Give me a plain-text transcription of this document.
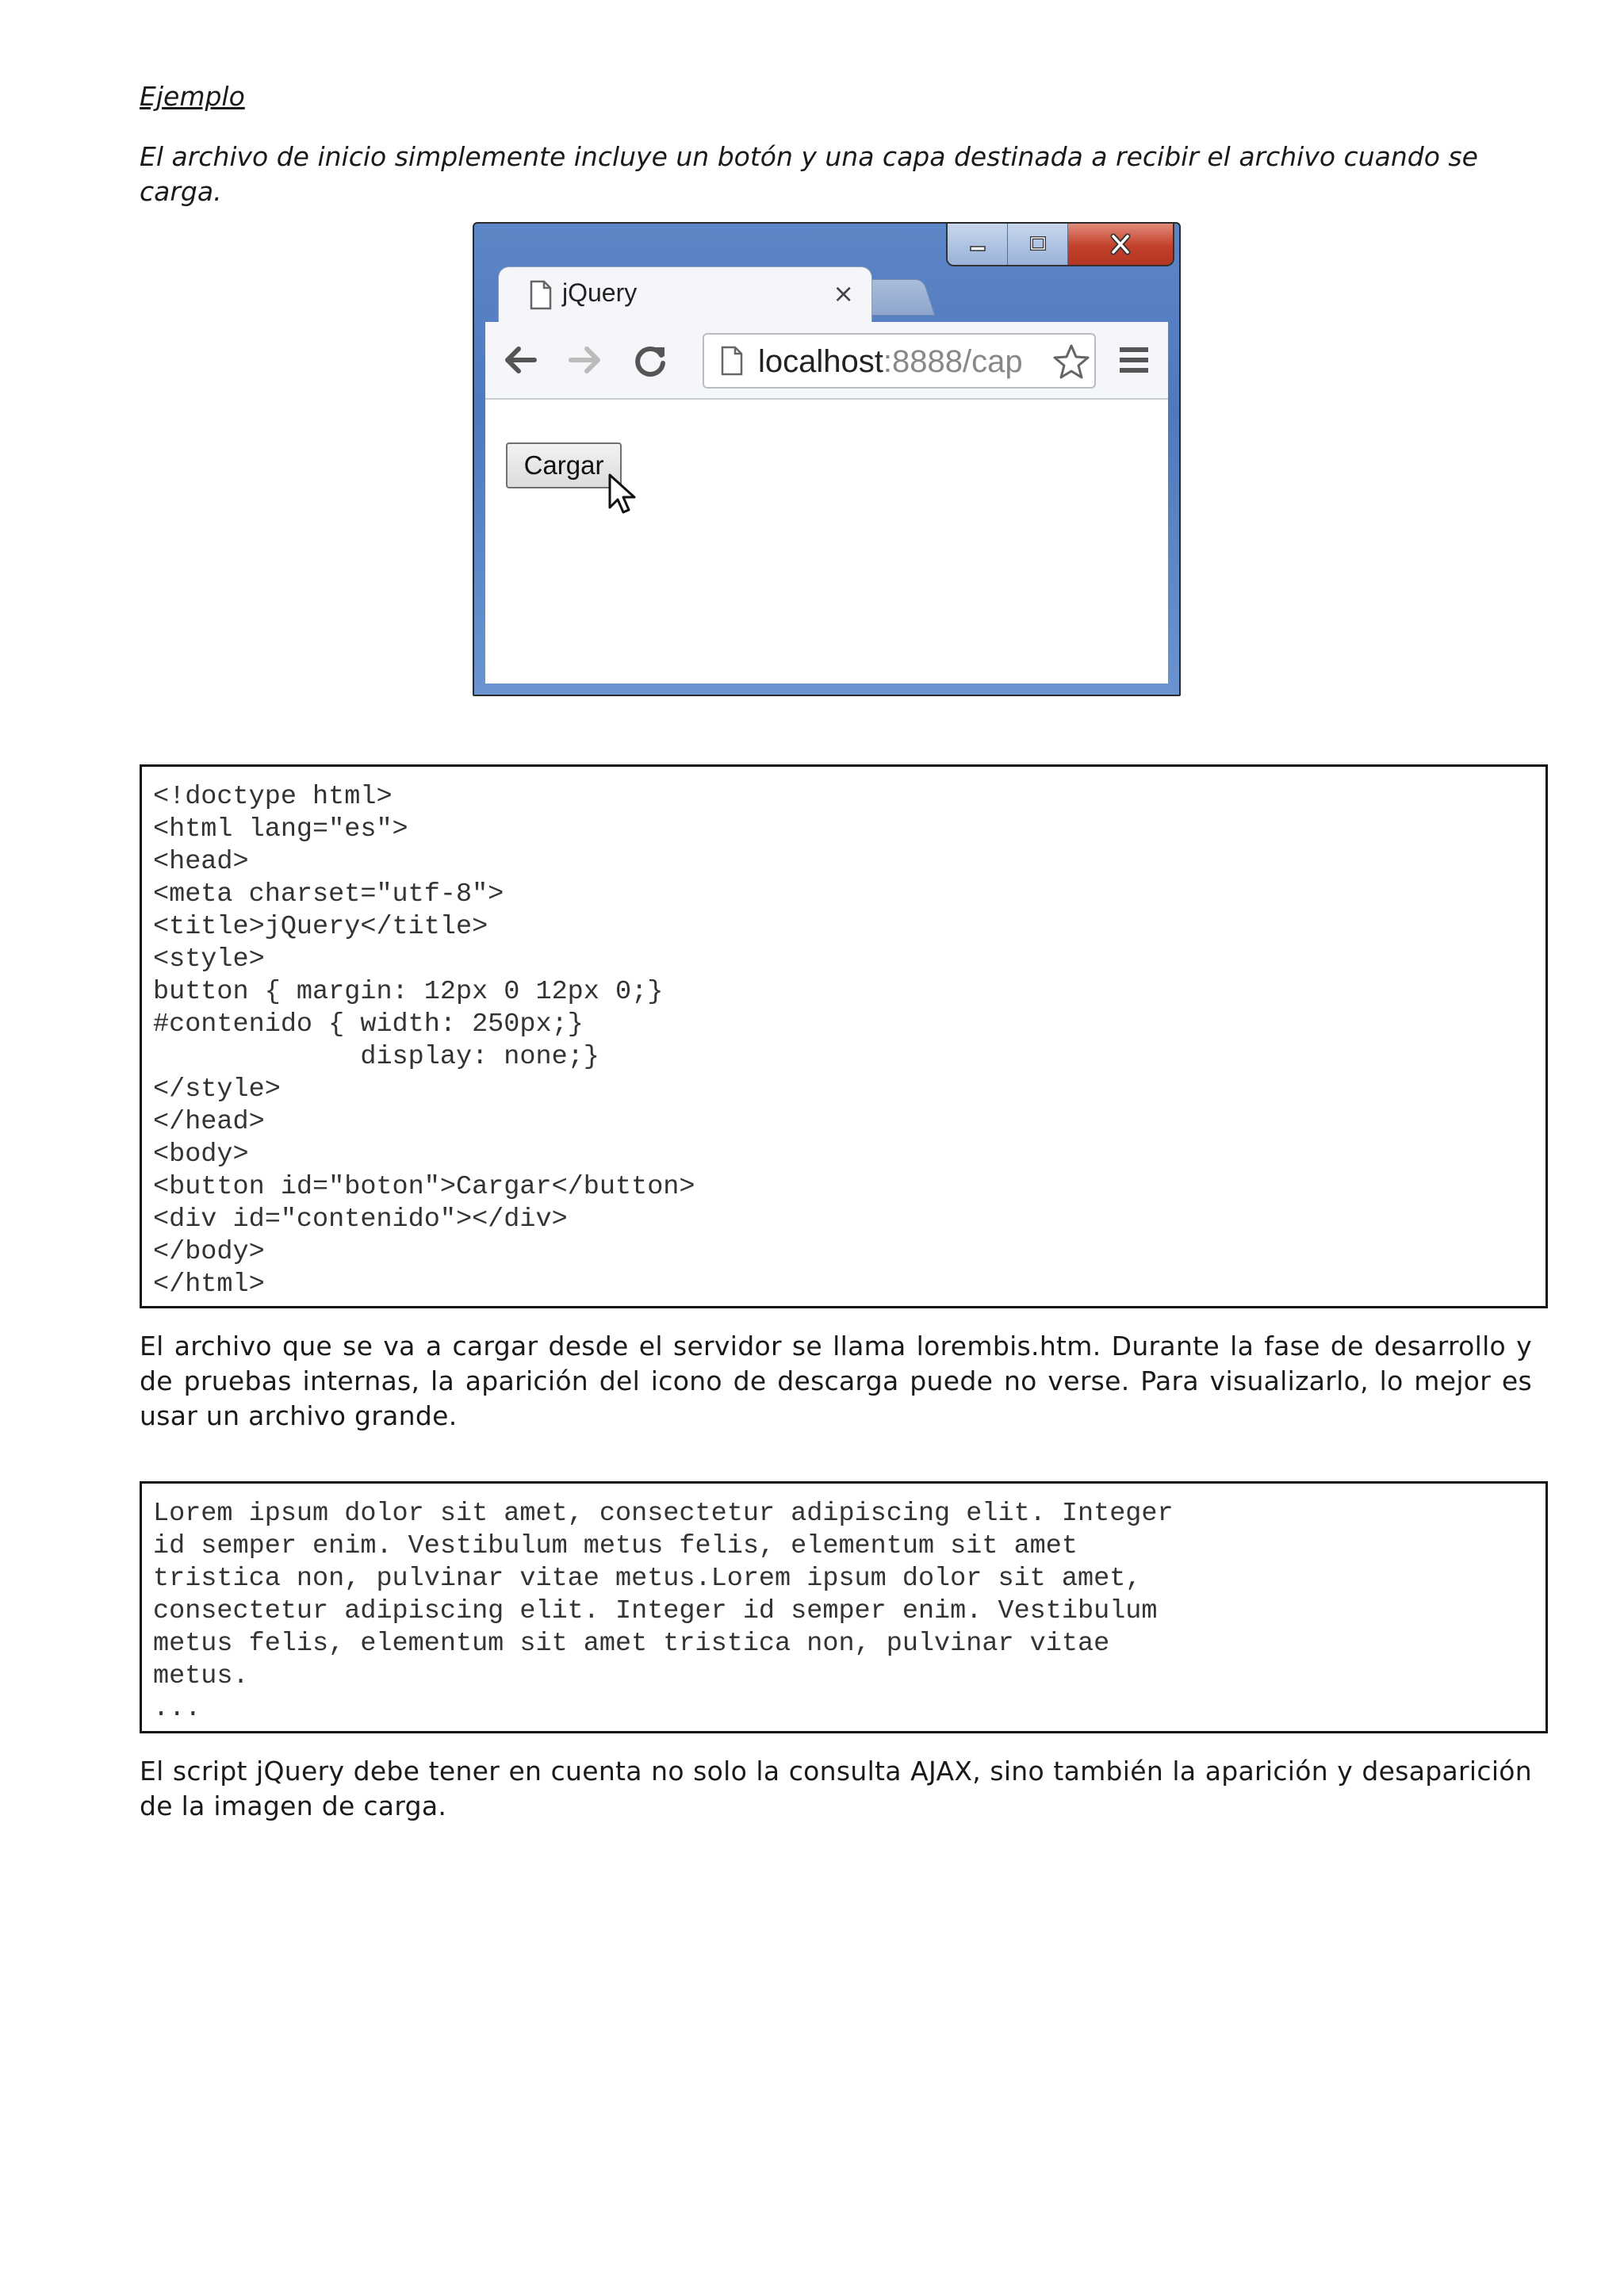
Ejemplo

El archivo de inicio simplemente incluye un botón y una capa destinada a recibir el archivo cuando se carga.

jQuery	×
localhost:8888/cap
Cargar
<!doctype html>
<html lang="es">
<head>
<meta charset="utf-8">
<title>jQuery</title>
<style>
button { margin: 12px 0 12px 0;}
#contenido { width: 250px;}
display: none;}
</style>
</head>
<body>
<button id="boton">Cargar</button>
<div id="contenido"></div>
</body>
</html>

El archivo que se va a cargar desde el servidor se llama lorembis.htm. Durante la fase de desarrollo y de pruebas internas, la aparición del icono de descarga puede no verse. Para visualizarlo, lo mejor es usar un archivo grande.

Lorem ipsum dolor sit amet, consectetur adipiscing elit. Integer
id semper enim. Vestibulum metus felis, elementum sit amet
tristica non, pulvinar vitae metus.Lorem ipsum dolor sit amet,
consectetur adipiscing elit. Integer id semper enim. Vestibulum
metus felis, elementum sit amet tristica non, pulvinar vitae
metus.
...

El script jQuery debe tener en cuenta no solo la consulta AJAX, sino también la aparición y desaparición de la imagen de carga.
